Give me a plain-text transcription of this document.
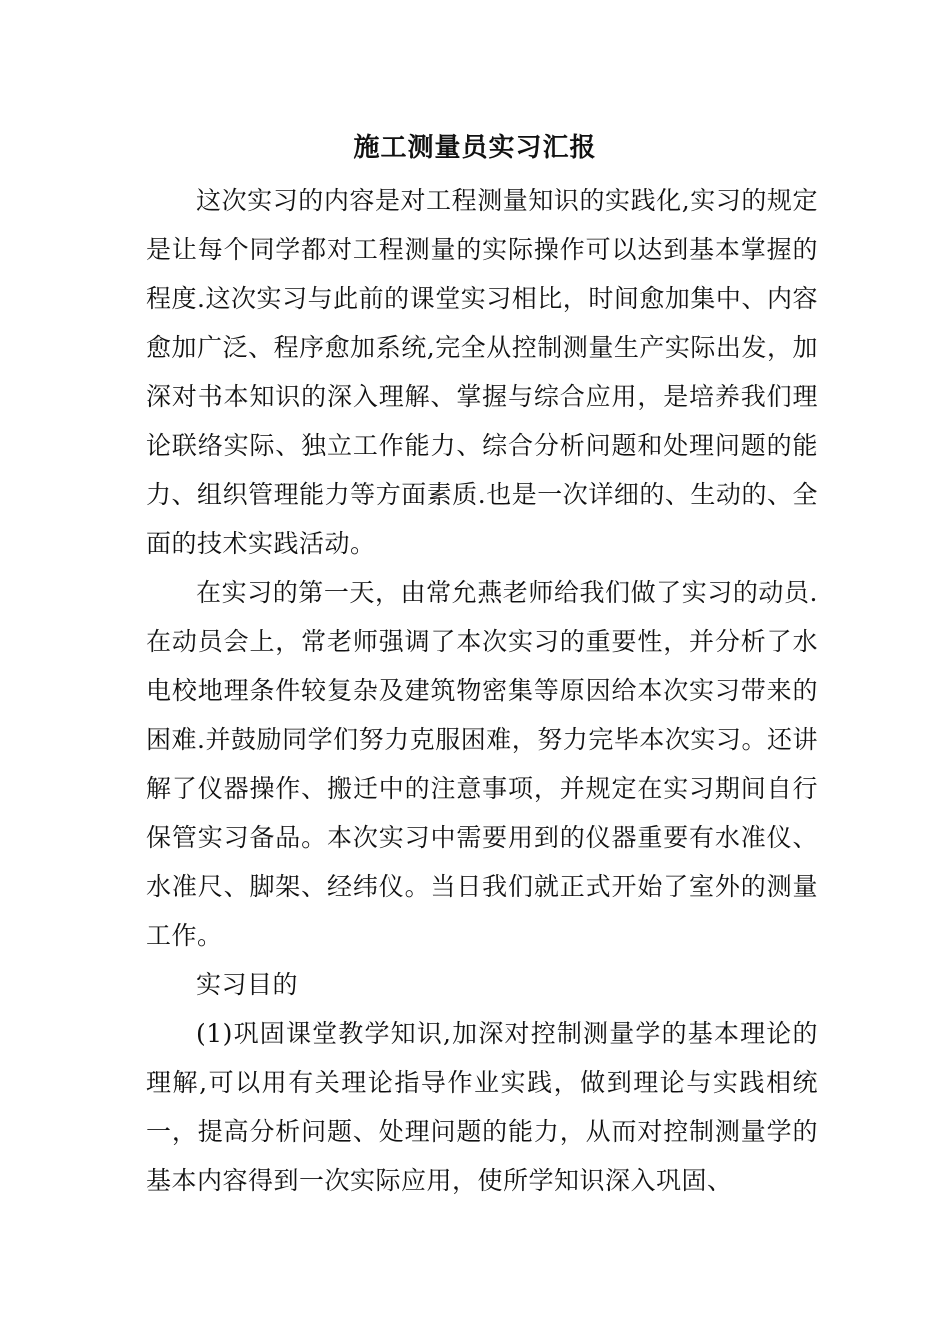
施工测量员实习汇报

这次实习的内容是对工程测量知识的实践化,实习的规定是让每个同学都对工程测量的实际操作可以达到基本掌握的程度.这次实习与此前的课堂实习相比，时间愈加集中、内容愈加广泛、程序愈加系统,完全从控制测量生产实际出发，加深对书本知识的深入理解、掌握与综合应用，是培养我们理论联络实际、独立工作能力、综合分析问题和处理问题的能力、组织管理能力等方面素质.也是一次详细的、生动的、全面的技术实践活动。

在实习的第一天，由常允燕老师给我们做了实习的动员.在动员会上，常老师强调了本次实习的重要性，并分析了水电校地理条件较复杂及建筑物密集等原因给本次实习带来的困难.并鼓励同学们努力克服困难，努力完毕本次实习。还讲解了仪器操作、搬迁中的注意事项，并规定在实习期间自行保管实习备品。本次实习中需要用到的仪器重要有水准仪、水准尺、脚架、经纬仪。当日我们就正式开始了室外的测量工作。

实习目的

(1)巩固课堂教学知识,加深对控制测量学的基本理论的理解,可以用有关理论指导作业实践，做到理论与实践相统一，提高分析问题、处理问题的能力，从而对控制测量学的基本内容得到一次实际应用，使所学知识深入巩固、
